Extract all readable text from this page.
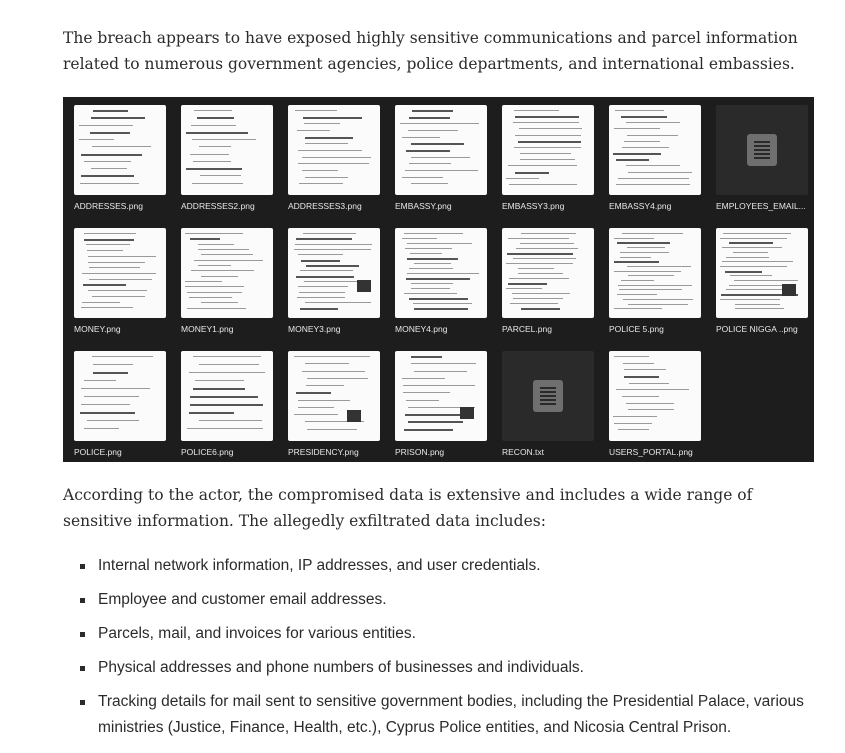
The breach appears to have exposed highly sensitive communications and parcel information related to numerous government agencies, police departments, and international embassies.

ADDRESSES.png	ADDRESSES2.png	ADDRESSES3.png	EMBASSY.png	EMBASSY3.png	EMBASSY4.png	EMPLOYEES_EMAIL...
MONEY.png	MONEY1.png	MONEY3.png	MONEY4.png	PARCEL.png	POLICE 5.png	POLICE NIGGA ..png
POLICE.png	POLICE6.png	PRESIDENCY.png	PRISON.png	RECON.txt	USERS_PORTAL.png

According to the actor, the compromised data is extensive and includes a wide range of sensitive information. The allegedly exfiltrated data includes:

Internal network information, IP addresses, and user credentials.
Employee and customer email addresses.
Parcels, mail, and invoices for various entities.
Physical addresses and phone numbers of businesses and individuals.
Tracking details for mail sent to sensitive government bodies, including the Presidential Palace, various ministries (Justice, Finance, Health, etc.), Cyprus Police entities, and Nicosia Central Prison.
